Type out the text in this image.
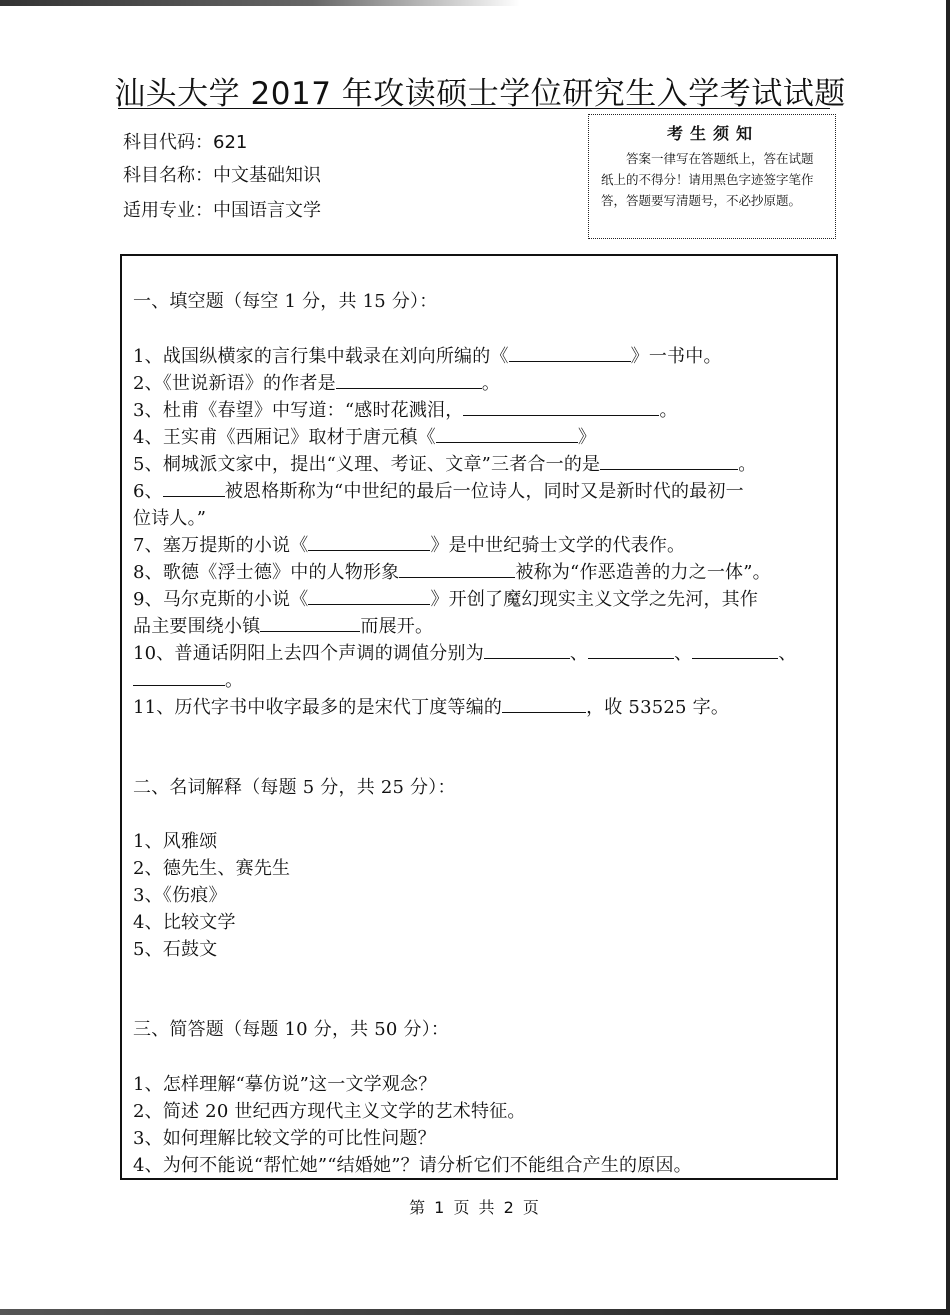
汕头大学 2017 年攻读硕士学位研究生入学考试试题
科目代码：621
科目名称：中文基础知识
适用专业：中国语言文学
考生须知
答案一律写在答题纸上，答在试题纸上的不得分！请用黑色字迹签字笔作答，答题要写清题号，不必抄原题。
一、填空题（每空 1 分，共 15 分）：
1、战国纵横家的言行集中载录在刘向所编的《	》一书中。
2、《世说新语》的作者是	。
3、杜甫《春望》中写道：“感时花溅泪，	。
4、王实甫《西厢记》取材于唐元稹《	》
5、桐城派文家中，提出“义理、考证、文章”三者合一的是	。
6、	被恩格斯称为“中世纪的最后一位诗人，同时又是新时代的最初一
位诗人。”
7、塞万提斯的小说《	》是中世纪骑士文学的代表作。
8、歌德《浮士德》中的人物形象	被称为“作恶造善的力之一体”。
9、马尔克斯的小说《	》开创了魔幻现实主义文学之先河，其作
品主要围绕小镇	而展开。
10、普通话阴阳上去四个声调的调值分别为	、	、	、
。
11、历代字书中收字最多的是宋代丁度等编的	，收 53525 字。
二、名词解释（每题 5 分，共 25 分）：
1、风雅颂
2、德先生、赛先生
3、《伤痕》
4、比较文学
5、石鼓文
三、简答题（每题 10 分，共 50 分）：
1、怎样理解“摹仿说”这一文学观念？
2、简述 20 世纪西方现代主义文学的艺术特征。
3、如何理解比较文学的可比性问题？
4、为何不能说“帮忙她”“结婚她”？请分析它们不能组合产生的原因。
第 1 页 共 2 页
